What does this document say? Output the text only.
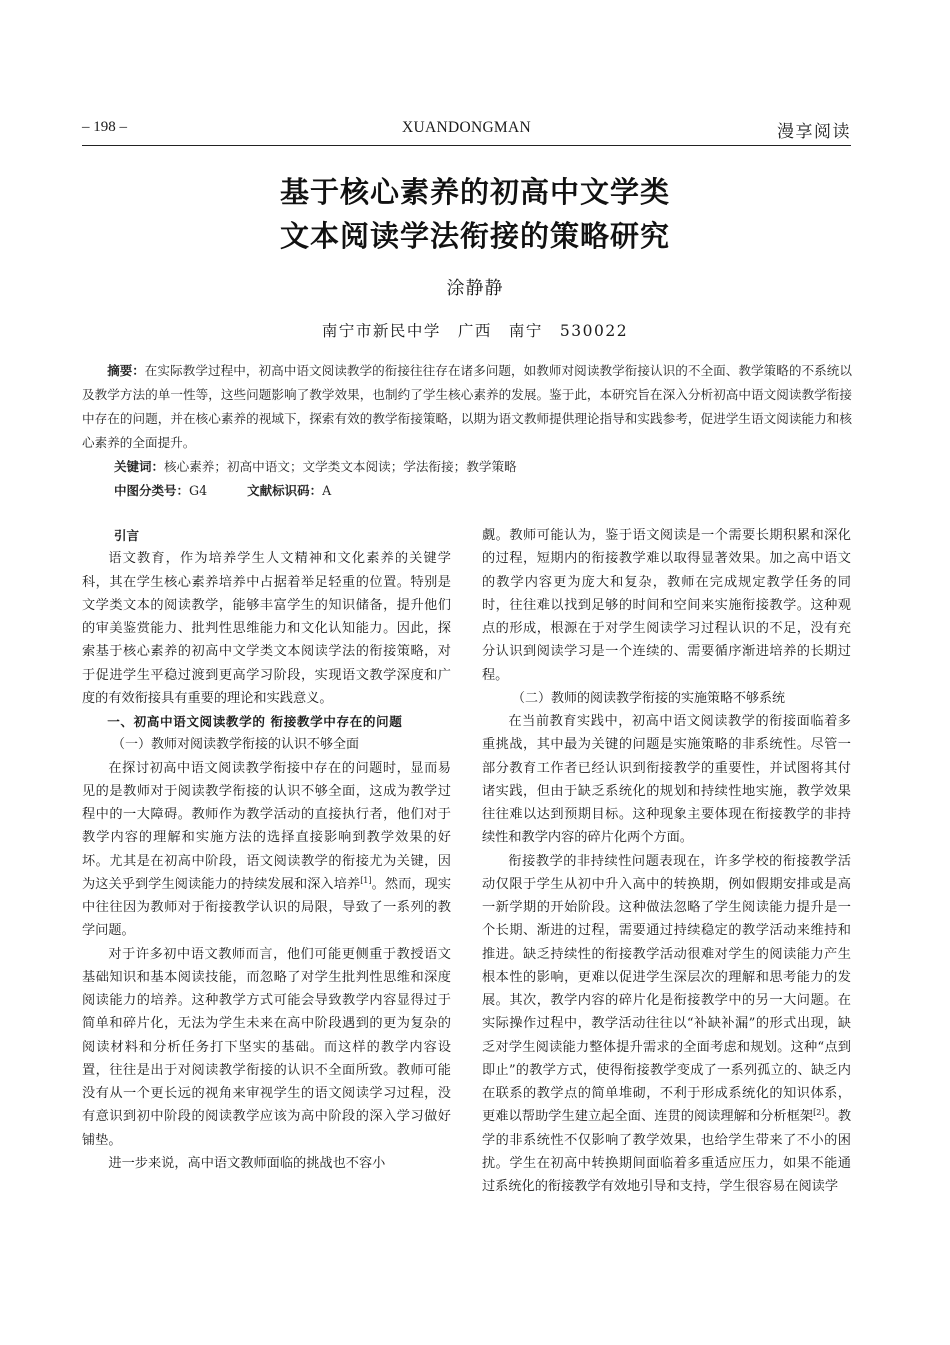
– 198 –	XUANDONGMAN	漫享阅读
基于核心素养的初高中文学类
文本阅读学法衔接的策略研究
涂静静
南宁市新民中学　广西　南宁　530022
摘要：在实际教学过程中，初高中语文阅读教学的衔接往往存在诸多问题，如教师对阅读教学衔接认识的不全面、教学策略的不系统以及教学方法的单一性等，这些问题影响了教学效果，也制约了学生核心素养的发展。鉴于此，本研究旨在深入分析初高中语文阅读教学衔接中存在的问题，并在核心素养的视域下，探索有效的教学衔接策略，以期为语文教师提供理论指导和实践参考，促进学生语文阅读能力和核心素养的全面提升。
关键词：核心素养；初高中语文；文学类文本阅读；学法衔接；教学策略
中图分类号：G4	文献标识码：A
引言

语文教育，作为培养学生人文精神和文化素养的关键学科，其在学生核心素养培养中占据着举足轻重的位置。特别是文学类文本的阅读教学，能够丰富学生的知识储备，提升他们的审美鉴赏能力、批判性思维能力和文化认知能力。因此，探索基于核心素养的初高中文学类文本阅读学法的衔接策略，对于促进学生平稳过渡到更高学习阶段，实现语文教学深度和广度的有效衔接具有重要的理论和实践意义。

一、初高中语文阅读教学的 衔接教学中存在的问题
（一）教师对阅读教学衔接的认识不够全面

在探讨初高中语文阅读教学衔接中存在的问题时，显而易见的是教师对于阅读教学衔接的认识不够全面，这成为教学过程中的一大障碍。教师作为教学活动的直接执行者，他们对于教学内容的理解和实施方法的选择直接影响到教学效果的好坏。尤其是在初高中阶段，语文阅读教学的衔接尤为关键，因为这关乎到学生阅读能力的持续发展和深入培养[1]。然而，现实中往往因为教师对于衔接教学认识的局限，导致了一系列的教学问题。

对于许多初中语文教师而言，他们可能更侧重于教授语文基础知识和基本阅读技能，而忽略了对学生批判性思维和深度阅读能力的培养。这种教学方式可能会导致教学内容显得过于简单和碎片化，无法为学生未来在高中阶段遇到的更为复杂的阅读材料和分析任务打下坚实的基础。而这样的教学内容设置，往往是出于对阅读教学衔接的认识不全面所致。教师可能没有从一个更长远的视角来审视学生的语文阅读学习过程，没有意识到初中阶段的阅读教学应该为高中阶段的深入学习做好铺垫。

进一步来说，高中语文教师面临的挑战也不容小

觑。教师可能认为，鉴于语文阅读是一个需要长期积累和深化的过程，短期内的衔接教学难以取得显著效果。加之高中语文的教学内容更为庞大和复杂，教师在完成规定教学任务的同时，往往难以找到足够的时间和空间来实施衔接教学。这种观点的形成，根源在于对学生阅读学习过程认识的不足，没有充分认识到阅读学习是一个连续的、需要循序渐进培养的长期过程。

（二）教师的阅读教学衔接的实施策略不够系统

在当前教育实践中，初高中语文阅读教学的衔接面临着多重挑战，其中最为关键的问题是实施策略的非系统性。尽管一部分教育工作者已经认识到衔接教学的重要性，并试图将其付诸实践，但由于缺乏系统化的规划和持续性地实施，教学效果往往难以达到预期目标。这种现象主要体现在衔接教学的非持续性和教学内容的碎片化两个方面。

衔接教学的非持续性问题表现在，许多学校的衔接教学活动仅限于学生从初中升入高中的转换期，例如假期安排或是高一新学期的开始阶段。这种做法忽略了学生阅读能力提升是一个长期、渐进的过程，需要通过持续稳定的教学活动来维持和推进。缺乏持续性的衔接教学活动很难对学生的阅读能力产生根本性的影响，更难以促进学生深层次的理解和思考能力的发展。其次，教学内容的碎片化是衔接教学中的另一大问题。在实际操作过程中，教学活动往往以“补缺补漏”的形式出现，缺乏对学生阅读能力整体提升需求的全面考虑和规划。这种“点到即止”的教学方式，使得衔接教学变成了一系列孤立的、缺乏内在联系的教学点的简单堆砌，不利于形成系统化的知识体系，更难以帮助学生建立起全面、连贯的阅读理解和分析框架[2]。教学的非系统性不仅影响了教学效果，也给学生带来了不小的困扰。学生在初高中转换期间面临着多重适应压力，如果不能通过系统化的衔接教学有效地引导和支持，学生很容易在阅读学
